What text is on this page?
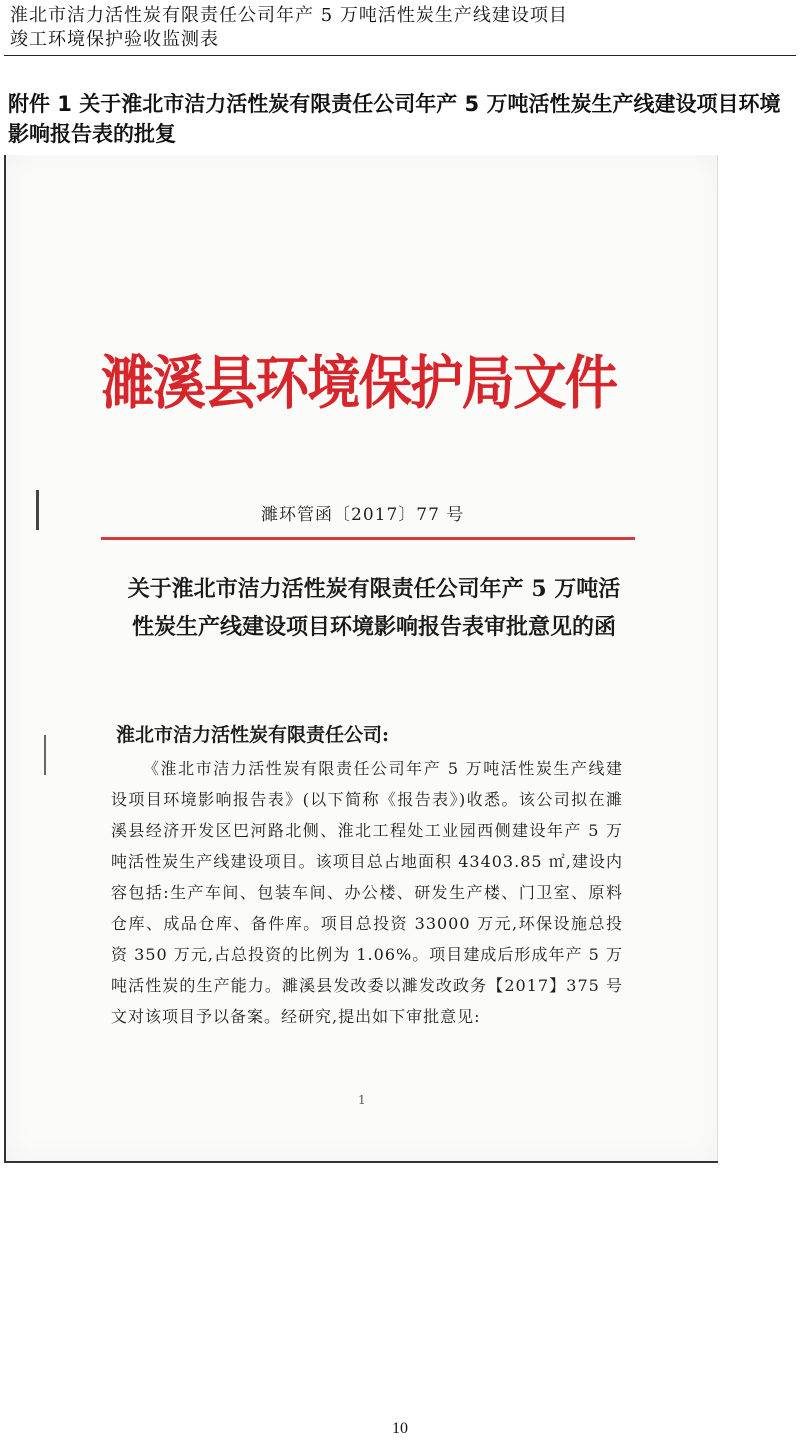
淮北市洁力活性炭有限责任公司年产 5 万吨活性炭生产线建设项目
竣工环境保护验收监测表
附件 1 关于淮北市洁力活性炭有限责任公司年产 5 万吨活性炭生产线建设项目环境影响报告表的批复
濉溪县环境保护局文件
濉环管函〔2017〕77 号
关于淮北市洁力活性炭有限责任公司年产 5 万吨活性炭生产线建设项目环境影响报告表审批意见的函
淮北市洁力活性炭有限责任公司:
《淮北市洁力活性炭有限责任公司年产 5 万吨活性炭生产线建设项目环境影响报告表》(以下简称《报告表》)收悉。该公司拟在濉溪县经济开发区巴河路北侧、淮北工程处工业园西侧建设年产 5 万吨活性炭生产线建设项目。该项目总占地面积 43403.85 ㎡,建设内容包括:生产车间、包装车间、办公楼、研发生产楼、门卫室、原料仓库、成品仓库、备件库。项目总投资 33000 万元,环保设施总投资 350 万元,占总投资的比例为 1.06%。项目建成后形成年产 5 万吨活性炭的生产能力。濉溪县发改委以濉发改政务【2017】375 号文对该项目予以备案。经研究,提出如下审批意见:
1
10
